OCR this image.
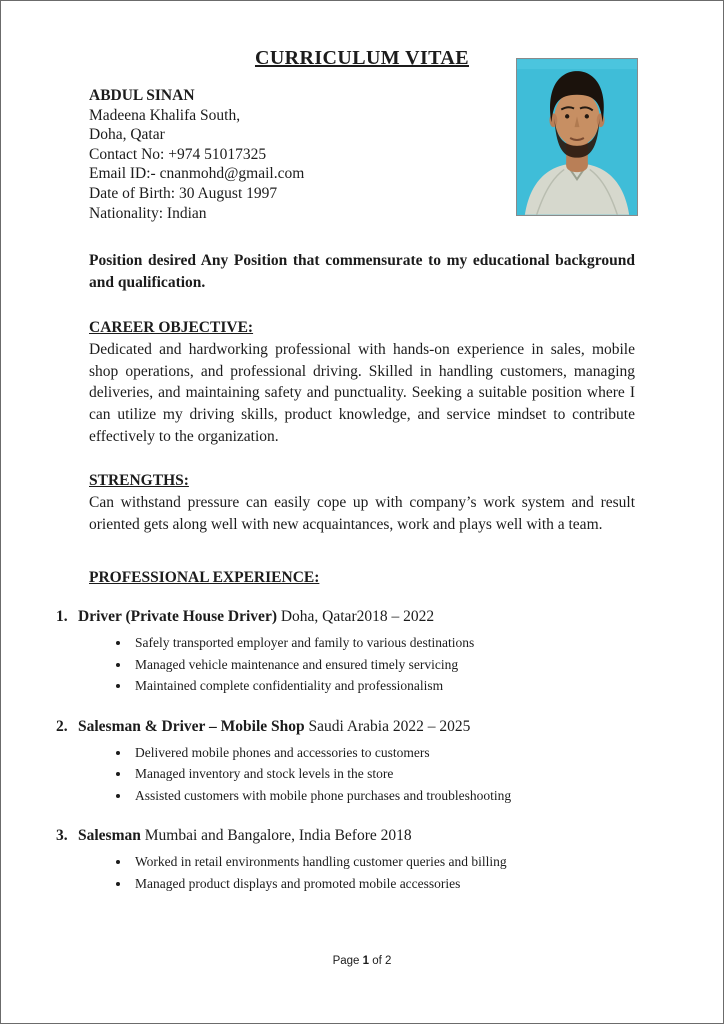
CURRICULUM VITAE
ABDUL SINAN
Madeena Khalifa South,
Doha, Qatar
Contact No: +974 51017325
Email ID:- cnanmohd@gmail.com
Date of Birth: 30 August 1997
Nationality: Indian

Position desired Any Position that commensurate to my educational background and qualification.

CAREER OBJECTIVE:

Dedicated and hardworking professional with hands-on experience in sales, mobile shop operations, and professional driving. Skilled in handling customers, managing deliveries, and maintaining safety and punctuality. Seeking a suitable position where I can utilize my driving skills, product knowledge, and service mindset to contribute effectively to the organization.

STRENGTHS:

Can withstand pressure can easily cope up with company’s work system and result oriented gets along well with new acquaintances, work and plays well with a team.

PROFESSIONAL EXPERIENCE:
1. Driver (Private House Driver) Doha, Qatar2018 – 2022
• Safely transported employer and family to various destinations
• Managed vehicle maintenance and ensured timely servicing
• Maintained complete confidentiality and professionalism
2. Salesman & Driver – Mobile Shop Saudi Arabia 2022 – 2025
• Delivered mobile phones and accessories to customers
• Managed inventory and stock levels in the store
• Assisted customers with mobile phone purchases and troubleshooting
3. Salesman Mumbai and Bangalore, India Before 2018
• Worked in retail environments handling customer queries and billing
• Managed product displays and promoted mobile accessories
Page 1 of 2
